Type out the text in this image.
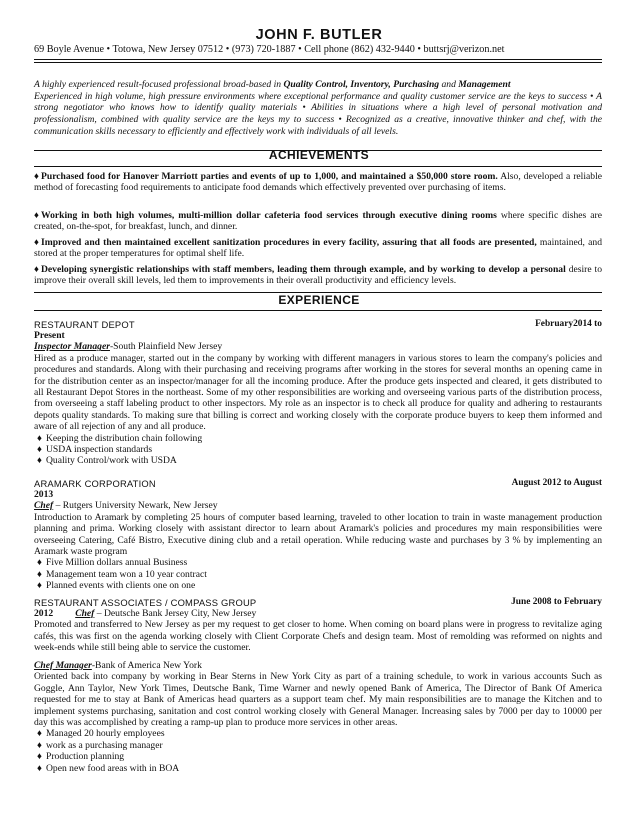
JOHN F. BUTLER
69 Boyle Avenue • Totowa, New Jersey 07512 • (973) 720-1887 • Cell phone (862) 432-9440 • buttsrj@verizon.net
A highly experienced result-focused professional broad-based in Quality Control, Inventory, Purchasing and Management
Experienced in high volume, high pressure environments where exceptional performance and quality customer service are the keys to success • A strong negotiator who knows how to identify quality materials • Abilities in situations where a high level of personal motivation and professionalism, combined with quality service are the keys my to success • Recognized as a creative, innovative thinker and chef, with the communication skills necessary to efficiently and effectively work with individuals of all levels.
ACHIEVEMENTS
♦ Purchased food for Hanover Marriott parties and events of up to 1,000, and maintained a $50,000 store room. Also, developed a reliable method of forecasting food requirements to anticipate food demands which effectively prevented over purchasing of items.
♦ Working in both high volumes, multi-million dollar cafeteria food services through executive dining rooms where specific dishes are created, on-the-spot, for breakfast, lunch, and dinner.
♦ Improved and then maintained excellent sanitization procedures in every facility, assuring that all foods are presented, maintained, and stored at the proper temperatures for optimal shelf life.
♦ Developing synergistic relationships with staff members, leading them through example, and by working to develop a personal desire to improve their overall skill levels, led them to improvements in their overall productivity and efficiency levels.
EXPERIENCE
RESTAURANT DEPOT	February2014 to
Present
Inspector Manager-South Plainfield New Jersey
Hired as a produce manager, started out in the company by working with different managers in various stores to learn the company's policies and procedures and standards. Along with their purchasing and receiving programs after working in the stores for several months an opening came in for the distribution center as an inspector/manager for all the incoming produce. After the produce gets inspected and cleared, it gets distributed to all Restaurant Depot Stores in the northeast. Some of my other responsibilities are working and overseeing various parts of the distribution process, from overseeing a staff labeling product to other inspectors. My role as an inspector is to check all produce for quality and adhering to restaurants depots quality standards. To making sure that billing is correct and working closely with the corporate produce buyers to keep them informed and aware of all rejection of any and all produce.
♦ Keeping the distribution chain following
♦ USDA inspection standards
♦ Quality Control/work with USDA
ARAMARK CORPORATION	August 2012 to August
2013
Chef – Rutgers University Newark, New Jersey
Introduction to Aramark by completing 25 hours of computer based learning, traveled to other location to train in waste management production planning and prima. Working closely with assistant director to learn about Aramark's policies and procedures my main responsibilities were overseeing Catering, Café Bistro, Executive dining club and a retail operation. While reducing waste and purchases by 3 % by implementing an Aramark waste program
♦ Five Million dollars annual Business
♦ Management team won a 10 year contract
♦ Planned events with clients one on one
RESTAURANT ASSOCIATES / COMPASS GROUP	June 2008 to February
2012 Chef – Deutsche Bank Jersey City, New Jersey
Promoted and transferred to New Jersey as per my request to get closer to home. When coming on board plans were in progress to revitalize aging cafés, this was first on the agenda working closely with Client Corporate Chefs and design team. Most of remolding was reformed on nights and week-ends while still being able to service the customer.
Chef Manager-Bank of America New York
Oriented back into company by working in Bear Sterns in New York City as part of a training schedule, to work in various accounts Such as Goggle, Ann Taylor, New York Times, Deutsche Bank, Time Warner and newly opened Bank of America, The Director of Bank Of America requested for me to stay at Bank of Americas head quarters as a support team chef. My main responsibilities are to manage the Kitchen and to implement systems purchasing, sanitation and cost control working closely with General Manager. Increasing sales by 7000 per day to 10000 per day this was accomplished by creating a ramp-up plan to produce more services in other areas.
♦ Managed 20 hourly employees
♦ work as a purchasing manager
♦ Production planning
♦ Open new food areas with in BOA
